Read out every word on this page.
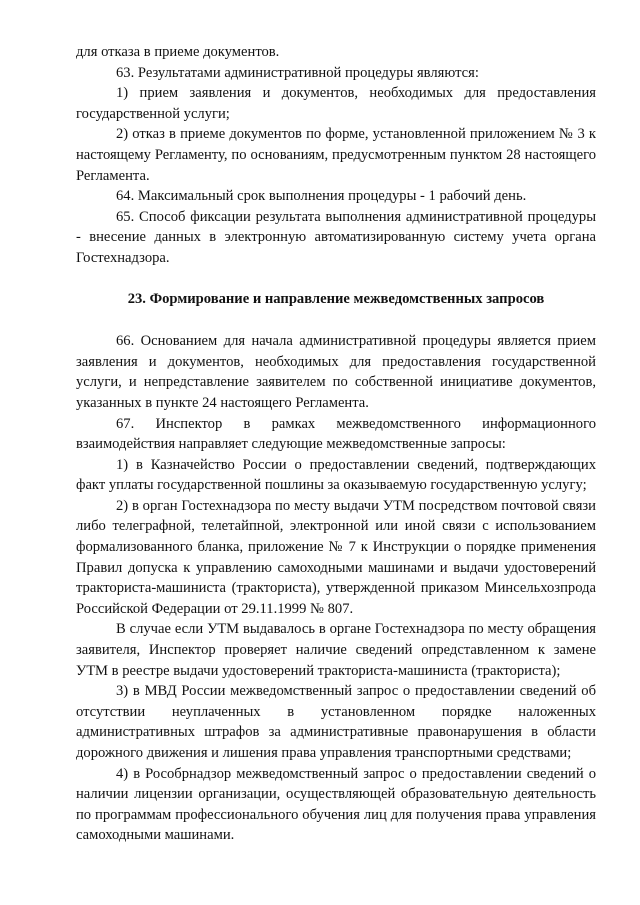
для отказа в приеме документов.

63. Результатами административной процедуры являются:

1) прием заявления и документов, необходимых для предоставления государственной услуги;

2) отказ в приеме документов по форме, установленной приложением № 3 к настоящему Регламенту, по основаниям, предусмотренным пунктом 28 настоящего Регламента.

64. Максимальный срок выполнения процедуры - 1 рабочий день.

65. Способ фиксации результата выполнения административной процедуры - внесение данных в электронную автоматизированную систему учета органа Гостехнадзора.

23. Формирование и направление межведомственных запросов

66. Основанием для начала административной процедуры является прием заявления и документов, необходимых для предоставления государственной услуги, и непредставление заявителем по собственной инициативе документов, указанных в пункте 24 настоящего Регламента.

67. Инспектор в рамках межведомственного информационного взаимодействия направляет следующие межведомственные запросы:

1) в Казначейство России о предоставлении сведений, подтверждающих факт уплаты государственной пошлины за оказываемую государственную услугу;

2) в орган Гостехнадзора по месту выдачи УТМ посредством почтовой связи либо телеграфной, телетайпной, электронной или иной связи с использованием формализованного бланка, приложение № 7 к Инструкции о порядке применения Правил допуска к управлению самоходными машинами и выдачи удостоверений тракториста-машиниста (тракториста), утвержденной приказом Минсельхозпрода Российской Федерации от 29.11.1999 № 807.

В случае если УТМ выдавалось в органе Гостехнадзора по месту обращения заявителя, Инспектор проверяет наличие сведений опредставленном к замене УТМ в реестре выдачи удостоверений тракториста-машиниста (тракториста);

3) в МВД России межведомственный запрос о предоставлении сведений об отсутствии неуплаченных в установленном порядке наложенных административных штрафов за административные правонарушения в области дорожного движения и лишения права управления транспортными средствами;

4) в Рособрнадзор межведомственный запрос о предоставлении сведений о наличии лицензии организации, осуществляющей образовательную деятельность по программам профессионального обучения лиц для получения права управления самоходными машинами.
